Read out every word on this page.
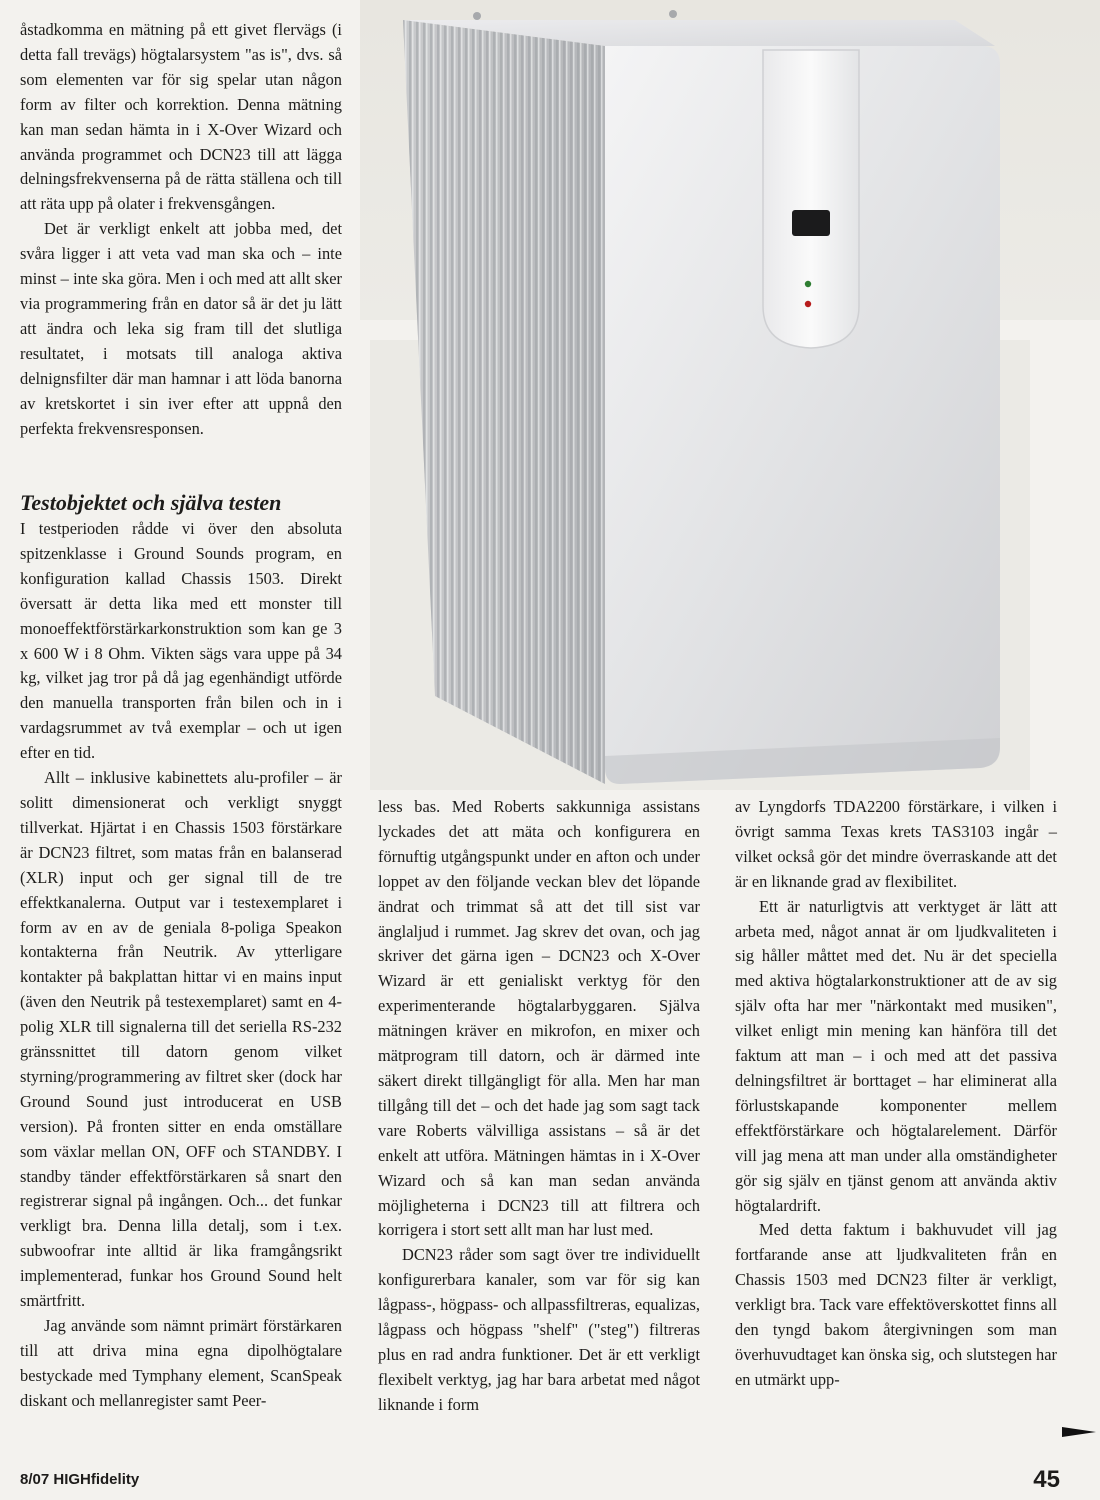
åstadkomma en mätning på ett givet flervägs (i detta fall trevägs) högtalarsystem "as is", dvs. så som elementen var för sig spelar utan någon form av filter och korrektion. Denna mätning kan man sedan hämta in i X-Over Wizard och använda programmet och DCN23 till att lägga delningsfrekvenserna på de rätta ställena och till att räta upp på olater i frekvensgången.

Det är verkligt enkelt att jobba med, det svåra ligger i att veta vad man ska och – inte minst – inte ska göra. Men i och med att allt sker via programmering från en dator så är det ju lätt att ändra och leka sig fram till det slutliga resultatet, i motsats till analoga aktiva delnignsfilter där man hamnar i att löda banorna av kretskortet i sin iver efter att uppnå den perfekta frekvensresponsen.

Testobjektet och själva testen

I testperioden rådde vi över den absoluta spitzenklasse i Ground Sounds program, en konfiguration kallad Chassis 1503. Direkt översatt är detta lika med ett monster till monoeffektförstärkarkonstruktion som kan ge 3 x 600 W i 8 Ohm. Vikten sägs vara uppe på 34 kg, vilket jag tror på då jag egenhändigt utförde den manuella transporten från bilen och in i vardagsrummet av två exemplar – och ut igen efter en tid.

Allt – inklusive kabinettets alu-profiler – är solitt dimensionerat och verkligt snyggt tillverkat. Hjärtat i en Chassis 1503 förstärkare är DCN23 filtret, som matas från en balanserad (XLR) input och ger signal till de tre effektkanalerna. Output var i testexemplaret i form av en av de geniala 8-poliga Speakon kontakterna från Neutrik. Av ytterligare kontakter på bakplattan hittar vi en mains input (även den Neutrik på testexemplaret) samt en 4-polig XLR till signalerna till det seriella RS-232 gränssnittet till datorn genom vilket styrning/programmering av filtret sker (dock har Ground Sound just introducerat en USB version). På fronten sitter en enda omställare som växlar mellan ON, OFF och STANDBY. I standby tänder effektförstärkaren så snart den registrerar signal på ingången. Och... det funkar verkligt bra. Denna lilla detalj, som i t.ex. subwoofrar inte alltid är lika framgångsrikt implementerad, funkar hos Ground Sound helt smärtfritt.

Jag använde som nämnt primärt förstärkaren till att driva mina egna dipolhögtalare bestyckade med Tymphany element, ScanSpeak diskant och mellanregister samt Peer-

less bas. Med Roberts sakkunniga assistans lyckades det att mäta och konfigurera en förnuftig utgångspunkt under en afton och under loppet av den följande veckan blev det löpande ändrat och trimmat så att det till sist var änglaljud i rummet. Jag skrev det ovan, och jag skriver det gärna igen – DCN23 och X-Over Wizard är ett genialiskt verktyg för den experimenterande högtalarbyggaren. Själva mätningen kräver en mikrofon, en mixer och mätprogram till datorn, och är därmed inte säkert direkt tillgängligt för alla. Men har man tillgång till det – och det hade jag som sagt tack vare Roberts välvilliga assistans – så är det enkelt att utföra. Mätningen hämtas in i X-Over Wizard och så kan man sedan använda möjligheterna i DCN23 till att filtrera och korrigera i stort sett allt man har lust med.

DCN23 råder som sagt över tre individuellt konfigurerbara kanaler, som var för sig kan lågpass-, högpass- och allpassfiltreras, equalizas, lågpass och högpass "shelf" ("steg") filtreras plus en rad andra funktioner. Det är ett verkligt flexibelt verktyg, jag har bara arbetat med något liknande i form

av Lyngdorfs TDA2200 förstärkare, i vilken i övrigt samma Texas krets TAS3103 ingår – vilket också gör det mindre överraskande att det är en liknande grad av flexibilitet.

Ett är naturligtvis att verktyget är lätt att arbeta med, något annat är om ljudkvaliteten i sig håller måttet med det. Nu är det speciella med aktiva högtalarkonstruktioner att de av sig själv ofta har mer "närkontakt med musiken", vilket enligt min mening kan hänföra till det faktum att man – i och med att det passiva delningsfiltret är borttaget – har eliminerat alla förlustskapande komponenter mellem effektförstärkare och högtalarelement. Därför vill jag mena att man under alla omständigheter gör sig själv en tjänst genom att använda aktiv högtalardrift.

Med detta faktum i bakhuvudet vill jag fortfarande anse att ljudkvaliteten från en Chassis 1503 med DCN23 filter är verkligt, verkligt bra. Tack vare effektöverskottet finns all den tyngd bakom återgivningen som man överhuvudtaget kan önska sig, och slutstegen har en utmärkt upp-

8/07 HIGHfidelity	45
